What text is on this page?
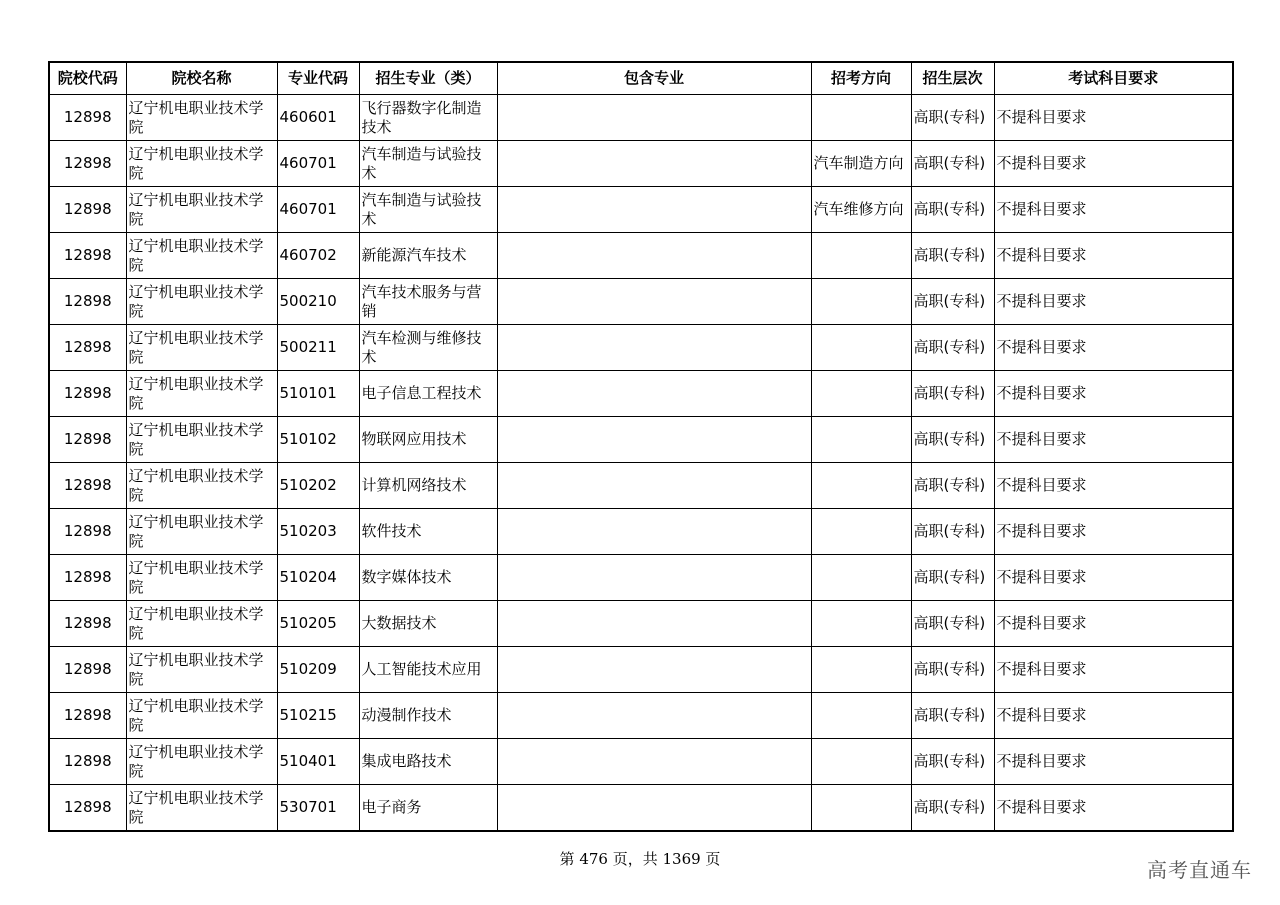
院校代码	院校名称	专业代码	招生专业（类）	包含专业	招考方向	招生层次	考试科目要求
12898	辽宁机电职业技术学院	460601	飞行器数字化制造技术			高职(专科)	不提科目要求
12898	辽宁机电职业技术学院	460701	汽车制造与试验技术		汽车制造方向	高职(专科)	不提科目要求
12898	辽宁机电职业技术学院	460701	汽车制造与试验技术		汽车维修方向	高职(专科)	不提科目要求
12898	辽宁机电职业技术学院	460702	新能源汽车技术			高职(专科)	不提科目要求
12898	辽宁机电职业技术学院	500210	汽车技术服务与营销			高职(专科)	不提科目要求
12898	辽宁机电职业技术学院	500211	汽车检测与维修技术			高职(专科)	不提科目要求
12898	辽宁机电职业技术学院	510101	电子信息工程技术			高职(专科)	不提科目要求
12898	辽宁机电职业技术学院	510102	物联网应用技术			高职(专科)	不提科目要求
12898	辽宁机电职业技术学院	510202	计算机网络技术			高职(专科)	不提科目要求
12898	辽宁机电职业技术学院	510203	软件技术			高职(专科)	不提科目要求
12898	辽宁机电职业技术学院	510204	数字媒体技术			高职(专科)	不提科目要求
12898	辽宁机电职业技术学院	510205	大数据技术			高职(专科)	不提科目要求
12898	辽宁机电职业技术学院	510209	人工智能技术应用			高职(专科)	不提科目要求
12898	辽宁机电职业技术学院	510215	动漫制作技术			高职(专科)	不提科目要求
12898	辽宁机电职业技术学院	510401	集成电路技术			高职(专科)	不提科目要求
12898	辽宁机电职业技术学院	530701	电子商务			高职(专科)	不提科目要求
第 476 页，共 1369 页	高考直通车
